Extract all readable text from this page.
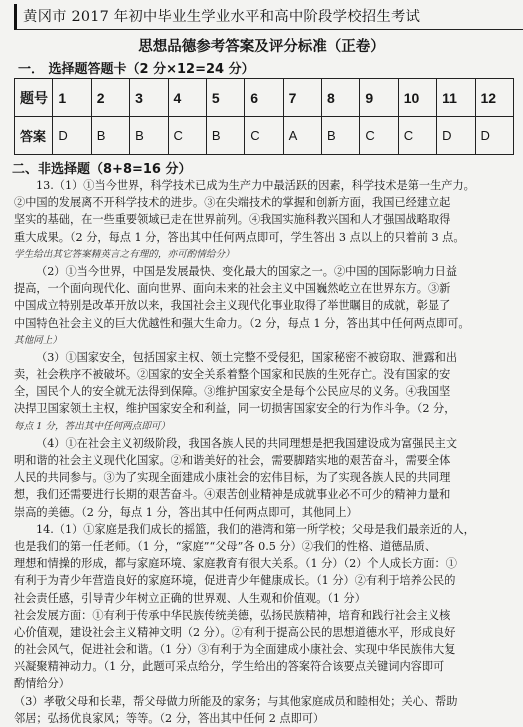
黄冈市 2017 年初中毕业生学业水平和高中阶段学校招生考试
思想品德参考答案及评分标准（正卷）
一． 选择题答题卡（2 分×12=24 分）
题号	1	2	3	4	5	6	7	8	9	10	11	12
答案	D	B	B	C	B	C	A	B	C	C	D	D
二、非选择题（8+8=16 分）
13.（1）①当今世界，科学技术已成为生产力中最活跃的因素，科学技术是第一生产力。
②中国的发展离不开科学技术的进步。③在尖端技术的掌握和创新方面，我国已经建立起
坚实的基础，在一些重要领域已走在世界前列。④我国实施科教兴国和人才强国战略取得
重大成果。（2 分，每点 1 分，答出其中任何两点即可，学生答出 3 点以上的只着前 3 点。
学生给出其它答案精英言之有理的，亦可酌情给分）
（2）①当今世界，中国是发展最快、变化最大的国家之一。②中国的国际影响力日益
提高，一个面向现代化、面向世界、面向未来的社会主义中国巍然屹立在世界东方。③新
中国成立特别是改革开放以来，我国社会主义现代化事业取得了举世瞩目的成就，彰显了
中国特色社会主义的巨大优越性和强大生命力。（2 分，每点 1 分，答出其中任何两点即可。
其他同上）
（3）①国家安全，包括国家主权、领土完整不受侵犯，国家秘密不被窃取、泄露和出
卖，社会秩序不被破坏。②国家的安全关系着整个国家和民族的生死存亡。没有国家的安
全，国民个人的安全就无法得到保障。③维护国家安全是每个公民应尽的义务。④我国坚
决捍卫国家领土主权，维护国家安全和利益，同一切损害国家安全的行为作斗争。（2 分，
每点 1 分，答出其中任何两点即可）
（4）①在社会主义初级阶段，我国各族人民的共同理想是把我国建设成为富强民主文
明和谐的社会主义现代化国家。②和谐美好的社会，需要脚踏实地的艰苦奋斗，需要全体
人民的共同参与。③为了实现全面建成小康社会的宏伟目标，为了实现各族人民的共同理
想，我们还需要进行长期的艰苦奋斗。④艰苦创业精神是成就事业必不可少的精神力量和
崇高的美德。（2 分，每点 1 分，答出其中任何两点即可，其他同上）
14.（1）①家庭是我们成长的摇篮，我们的港湾和第一所学校；父母是我们最亲近的人，
也是我们的第一任老师。（1 分，“家庭”“父母”各 0.5 分）②我们的性格、道德品质、
理想和情操的形成，都与家庭环境、家庭教育有很大关系。（1 分）（2）个人成长方面：①
有利于为青少年营造良好的家庭环境，促进青少年健康成长。（1 分）②有利于培养公民的
社会责任感，引导青少年树立正确的世界观、人生观和价值观。（1 分）
社会发展方面：①有利于传承中华民族传统美德，弘扬民族精神，培育和践行社会主义核
心价值观，建设社会主义精神文明（2 分）。②有利于提高公民的思想道德水平，形成良好
的社会风气，促进社会和谐。（1 分）③有利于为全面建成小康社会、实现中华民族伟大复
兴凝聚精神动力。（1 分，此题可采点给分，学生给出的答案符合该要点关键词内容即可
酌情给分）
（3）孝敬父母和长辈，帮父母做力所能及的家务；与其他家庭成员和睦相处；关心、帮助
邻居；弘扬优良家风；等等。（2 分，答出其中任何 2 点即可）
